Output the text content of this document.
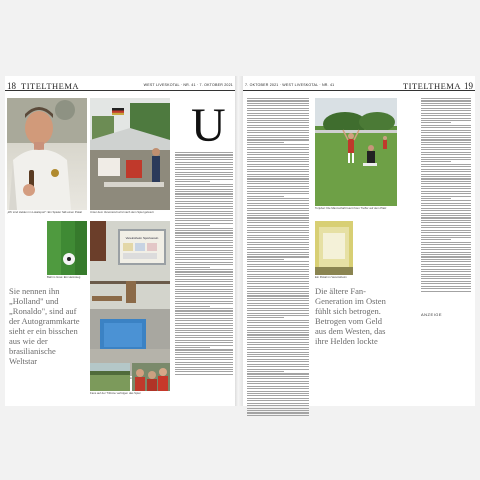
18 TITELTHEMA	WEST LIVESKOTAL · NR. 41 · 7. OKTOBER 2021
„Wir sind Helden im Lokalsport": Ein Spieler hält einen Pokal	Unter dem Vereinszelt wird nach dem Spiel gefeiert
Ball im Gras: Ein Heimsieg
Vereinsheim Sportverein
Fans auf der Tribüne verfolgen das Spiel
Sie nennen ihn „Holland" und „Ronaldo", sind auf der Autogrammkarte sieht er ein bisschen aus wie der brasilianische Weltstar
U
7. OKTOBER 2021 · WEST LIVESKOTAL · NR. 41	TITELTHEMA 19
Torjubel: Die Mannschaft feiert ihren Treffer auf dem Platz
Ein Pokal im Vereinsheim
Die ältere Fan-Generation im Osten fühlt sich betrogen. Betrogen vom Geld aus dem Westen, das ihre Helden lockte
ANZEIGE
